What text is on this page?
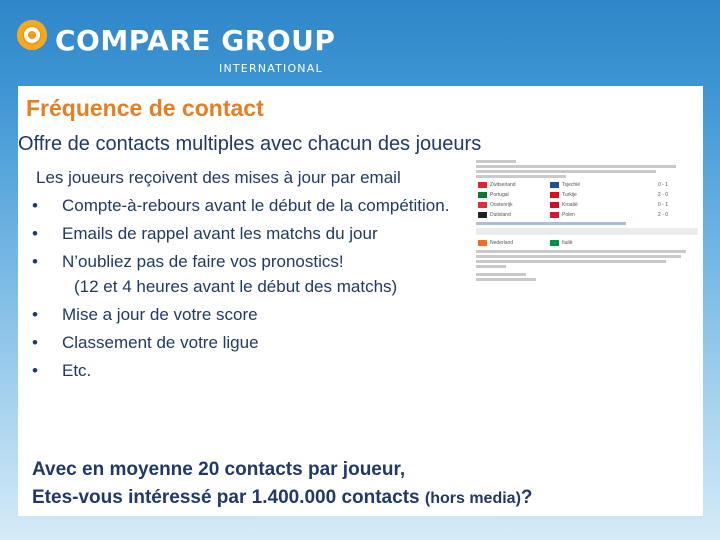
COMPARE GROUP
INTERNATIONAL
Fréquence de contact
Offre de contacts multiples avec chacun des joueurs
Les joueurs reçoivent des mises à jour par email
• Compte-à-rebours avant le début de la compétition.
• Emails de rappel avant les matchs du jour
• N’oubliez pas de faire vos pronostics!
(12 et 4 heures avant le début des matchs)
• Mise a jour de votre score
• Classement de votre ligue
• Etc.
Zwitserland	Tsjechië	0 - 1
Portugal	Turkije	2 - 0
Oostenrijk	Kroatië	0 - 1
Duitsland	Polen	2 - 0
Nederland	Italië
Avec en moyenne 20 contacts par joueur,
Etes-vous intéressé par 1.400.000 contacts (hors media)?
